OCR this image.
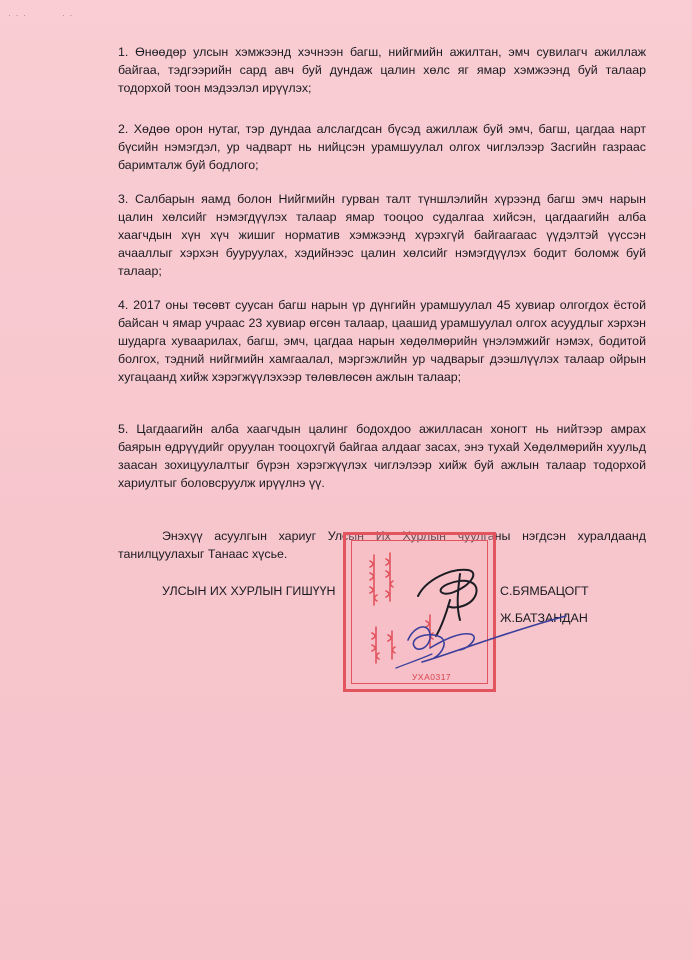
· · ·	· ·

1. Өнөөдөр улсын хэмжээнд хэчнээн багш, нийгмийн ажилтан, эмч сувилагч ажиллаж байгаа, тэдгээрийн сард авч буй дундаж цалин хөлс яг ямар хэмжээнд буй талаар тодорхой тоон мэдээлэл ирүүлэх;

2. Хөдөө орон нутаг, тэр дундаа алслагдсан бүсэд ажиллаж буй эмч, багш, цагдаа нарт бүсийн нэмэгдэл, ур чадварт нь нийцсэн урамшуулал олгох чиглэлээр Засгийн газраас баримталж буй бодлого;

3. Салбарын яамд болон Нийгмийн гурван талт түншлэлийн хүрээнд багш эмч нарын цалин хөлсийг нэмэгдүүлэх талаар ямар тооцоо судалгаа хийсэн, цагдаагийн алба хаагчдын хүн хүч жишиг норматив хэмжээнд хүрэхгүй байгаагаас үүдэлтэй үүссэн ачааллыг хэрхэн бууруулах, хэдийнээс цалин хөлсийг нэмэгдүүлэх бодит боломж буй талаар;

4. 2017 оны төсөвт суусан багш нарын үр дүнгийн урамшуулал 45 хувиар олгогдох ёстой байсан ч ямар учраас 23 хувиар өгсөн талаар, цаашид урамшуулал олгох асуудлыг хэрхэн шударга хуваарилах, багш, эмч, цагдаа нарын хөдөлмөрийн үнэлэмжийг нэмэх, бодитой болгох, тэдний нийгмийн хамгаалал, мэргэжлийн ур чадварыг дээшлүүлэх талаар ойрын хугацаанд хийж хэрэгжүүлэхээр төлөвлөсөн ажлын талаар;

5. Цагдаагийн алба хаагчдын цалинг бодохдоо ажилласан хоногт нь нийтээр амрах баярын өдрүүдийг оруулан тооцохгүй байгаа алдааг засах, энэ тухай Хөдөлмөрийн хуульд заасан зохицуулалтыг бүрэн хэрэгжүүлэх чиглэлээр хийж буй ажлын талаар тодорхой хариултыг боловсруулж ирүүлнэ үү.

Энэхүү асуулгын хариуг Улсын Их Хурлын чуулганы нэгдсэн хуралдаанд танилцуулахыг Танаас хүсье.

УЛСЫН ИХ ХУРЛЫН ГИШҮҮН	С.БЯМБАЦОГТ
Ж.БАТЗАНДАН
УХА0317
